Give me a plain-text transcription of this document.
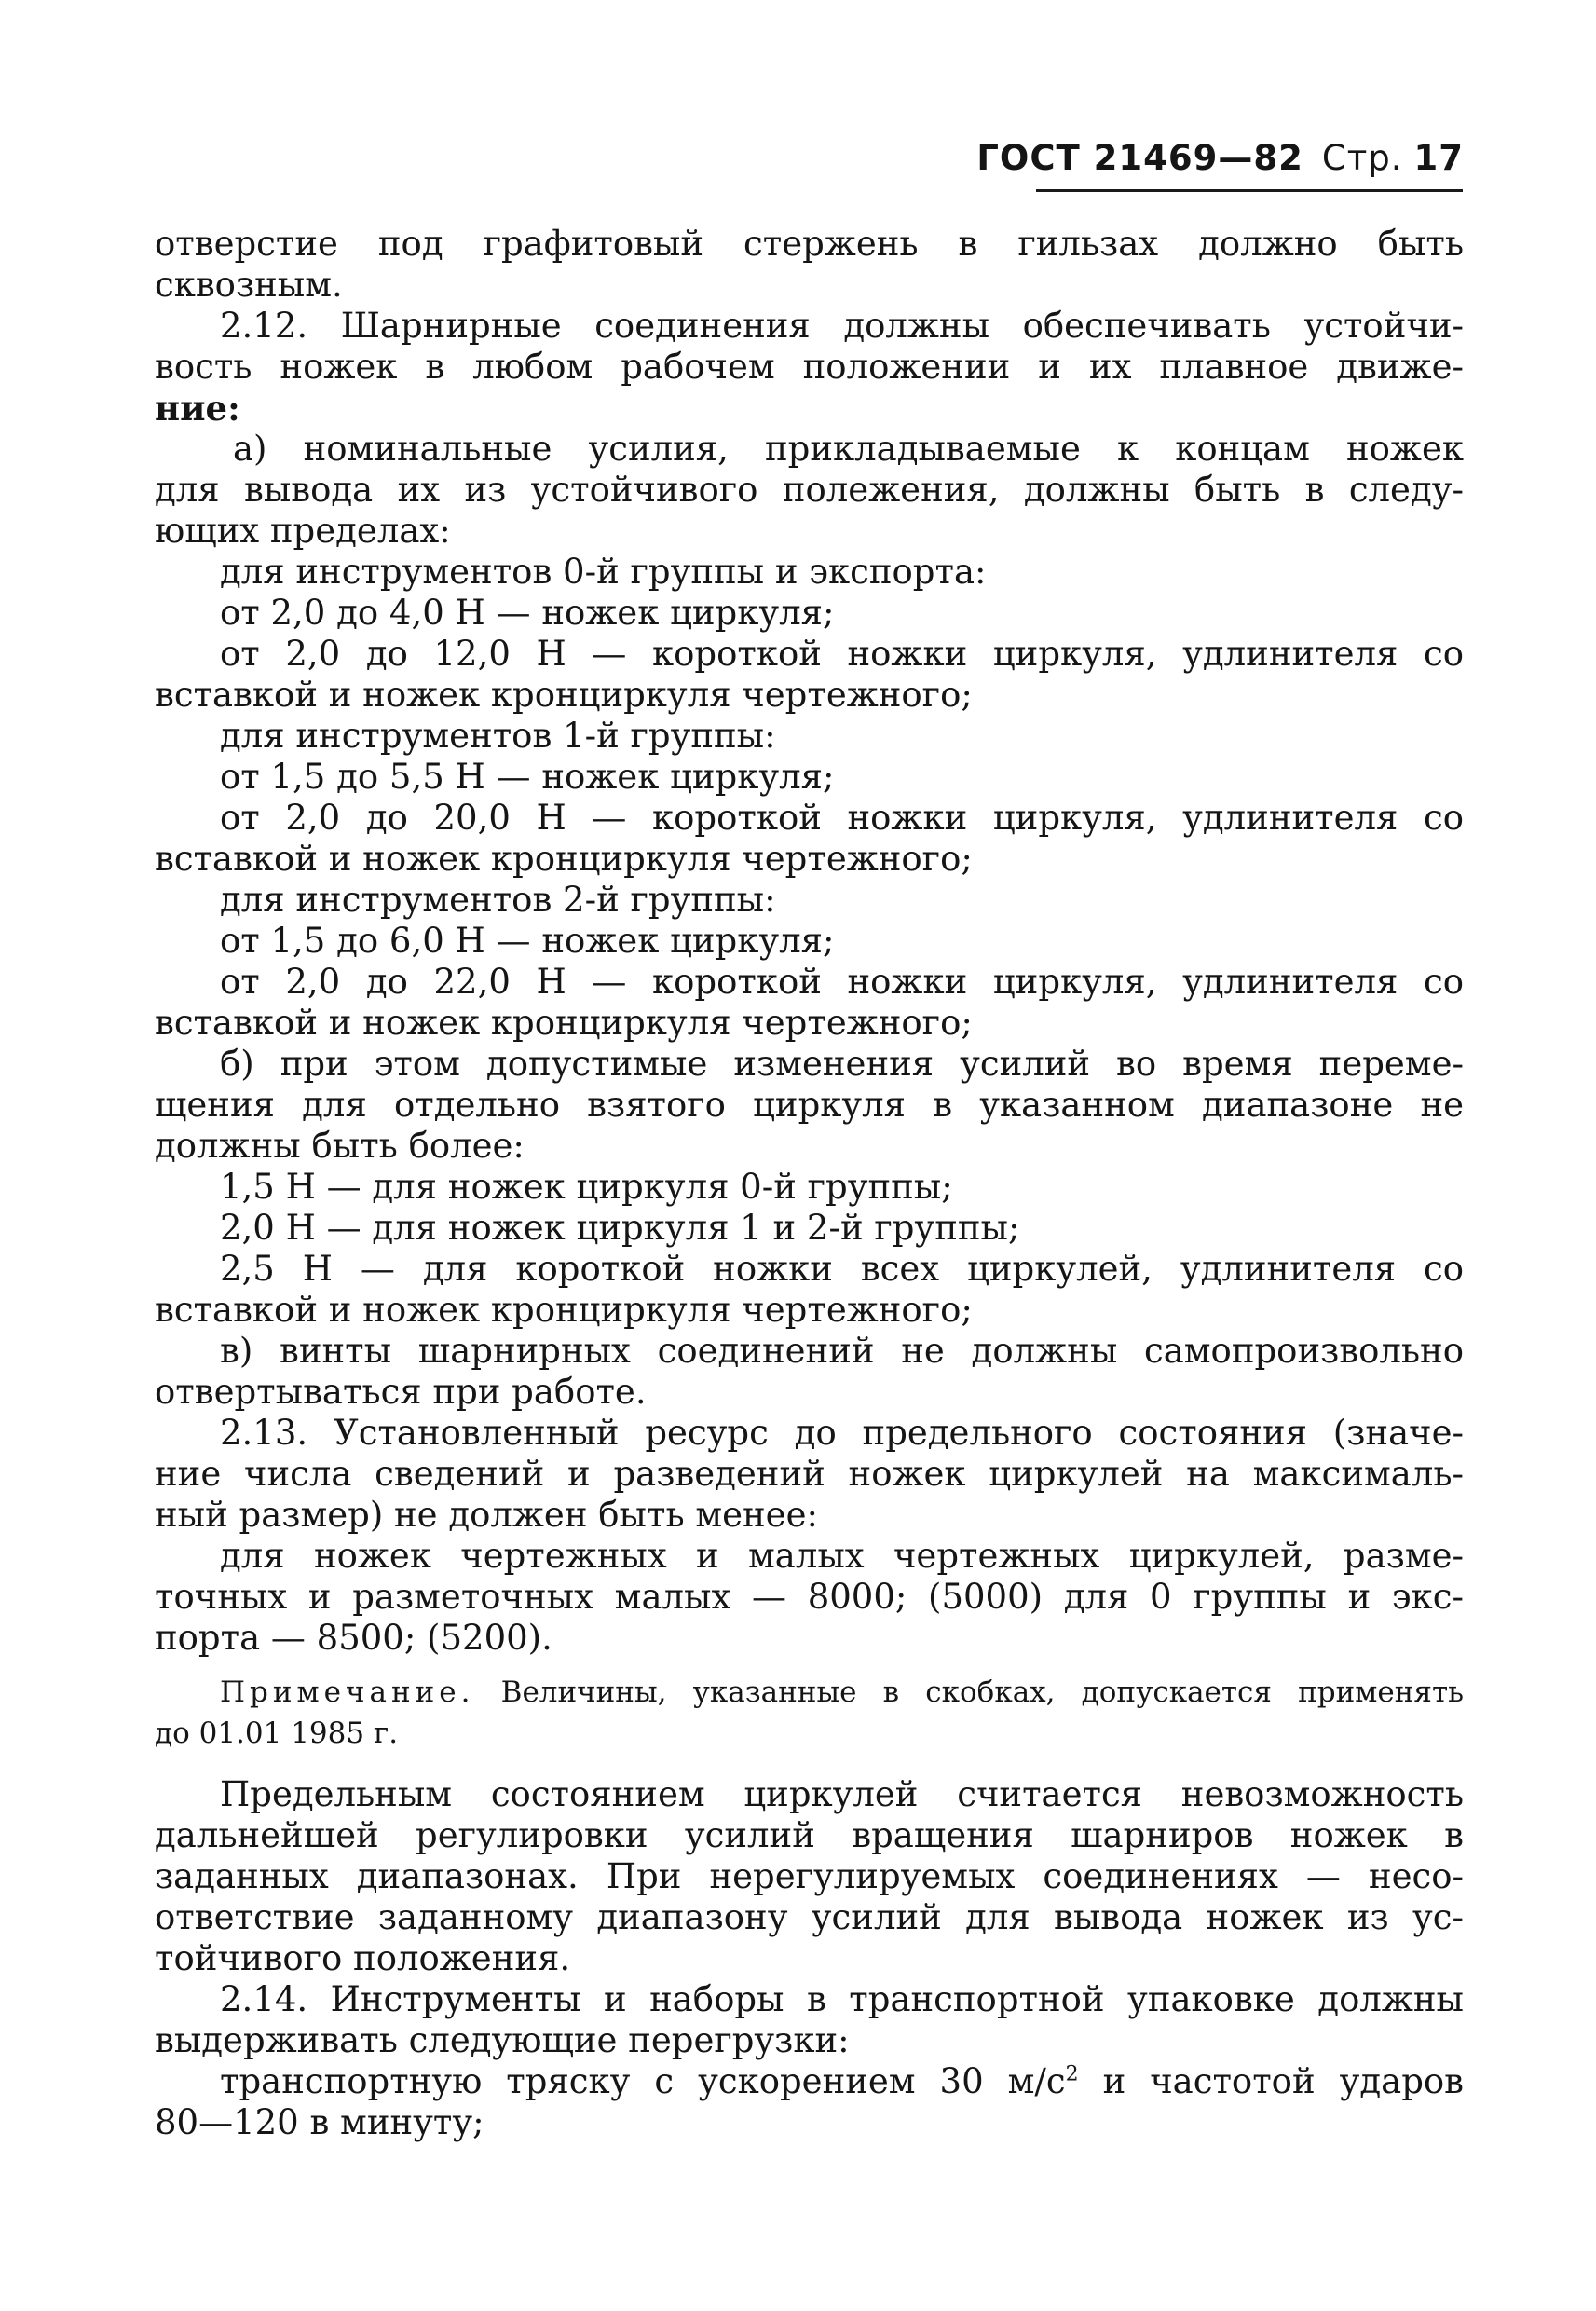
ГОСТ 21469—82 Стр. 17
отверстие под графитовый стержень в гильзах должно быть
сквозным.
2.12. Шарнирные соединения должны обеспечивать устойчи-
вость ножек в любом рабочем положении и их плавное движе-
ние:
а) номинальные усилия, прикладываемые к концам ножек
для вывода их из устойчивого полежения, должны быть в следу-
ющих пределах:
для инструментов 0-й группы и экспорта:
от 2,0 до 4,0 Н — ножек циркуля;
от 2,0 до 12,0 Н — короткой ножки циркуля, удлинителя со
вставкой и ножек кронциркуля чертежного;
для инструментов 1-й группы:
от 1,5 до 5,5 Н — ножек циркуля;
от 2,0 до 20,0 Н — короткой ножки циркуля, удлинителя со
вставкой и ножек кронциркуля чертежного;
для инструментов 2-й группы:
от 1,5 до 6,0 Н — ножек циркуля;
от 2,0 до 22,0 Н — короткой ножки циркуля, удлинителя со
вставкой и ножек кронциркуля чертежного;
б) при этом допустимые изменения усилий во время переме-
щения для отдельно взятого циркуля в указанном диапазоне не
должны быть более:
1,5 Н — для ножек циркуля 0-й группы;
2,0 Н — для ножек циркуля 1 и 2-й группы;
2,5 Н — для короткой ножки всех циркулей, удлинителя со
вставкой и ножек кронциркуля чертежного;
в) винты шарнирных соединений не должны самопроизвольно
отвертываться при работе.
2.13. Установленный ресурс до предельного состояния (значе-
ние числа сведений и разведений ножек циркулей на максималь-
ный размер) не должен быть менее:
для ножек чертежных и малых чертежных циркулей, разме-
точных и разметочных малых — 8000; (5000) для 0 группы и экс-
порта — 8500; (5200).
Примечание. Величины, указанные в скобках, допускается применять
до 01.01 1985 г.
Предельным состоянием циркулей считается невозможность
дальнейшей регулировки усилий вращения шарниров ножек в
заданных диапазонах. При нерегулируемых соединениях — несо-
ответствие заданному диапазону усилий для вывода ножек из ус-
тойчивого положения.
2.14. Инструменты и наборы в транспортной упаковке должны
выдерживать следующие перегрузки:
транспортную тряску с ускорением 30 $м/с^2$ и частотой ударов
80—120 в минуту;
